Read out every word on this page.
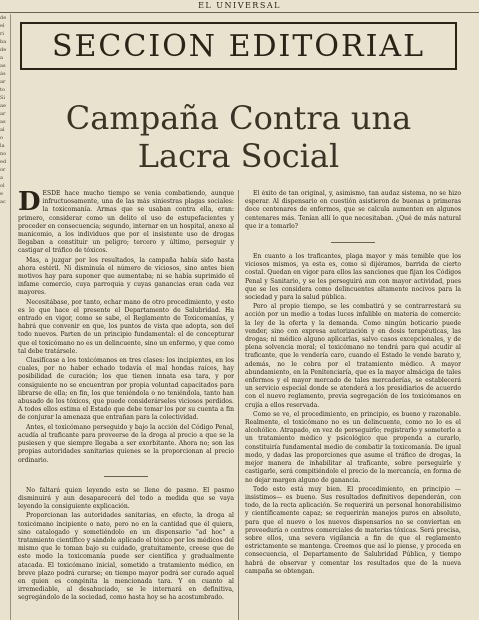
EL UNIVERSAL
de
el
ri
ba
de
a
as
ás
ar
to
Si
ae
ar
as
al
o
la
no
ed
or
a
ol
e
ac
SECCION EDITORIAL
Campaña Contra una
Lacra Social

DESDE hace mucho tiempo se venía combatiendo, aunque infructuosamente, una de las más siniestras plagas sociales: la toxicomanía. Armas que se usaban contra ella, eran: primero, considerar como un delito el uso de estupefacientes y proceder en consecuencia; segundo, internar en un hospital, anexo al manicomio, a los individuos que por el insistente uso de drogas llegaban a constituir un peligro; tercero y último, perseguir y castigar el tráfico de tóxicos.

Mas, a juzgar por los resultados, la campaña había sido hasta ahora estéril. Ni disminuía el número de viciosos, sino antes bien motivos hay para suponer que aumentaba; ni se había suprimido el infame comercio, cuya parroquia y cuyas ganancias eran cada vez mayores.

Necesitábase, por tanto, echar mano de otro procedimiento, y esto es lo que hace el presente el Departamento de Salubridad. Ha entrado en vigor, como se sabe, el Reglamento de Toxicomanías, y habrá que convenir en que, los puntos de vista que adopta, son del todo nuevos. Parten de un principio fundamental: el de concepturar que el toxicómano no es un delincuente, sino un enfermo, y que como tal debe tratársele.

Clasifícase a los toxicómanos en tres clases: los incipientes, en los cuales, por no haber echado todavía el mal hondas raíces, hay posibilidad de curación; los que tienen innata esa tara, y por consiguiente no se encuentran por propia voluntad capacitados para librarse de ella; en fin, los que teniéndola o no teniéndola, tanto han abusado de los tóxicos, que puede considerárseles viciosos perdidos. A todos ellos estima el Estado que debe tomar los por su cuenta a fin de conjurar la amenaza que entrañan para la colectividad.

Antes, el toxicómano perseguido y bajo la acción del Código Penal, acudía al traficante para proveerse de la droga al precio a que se la pusiesen y que siempre llegaba a ser exorbitante. Ahora no; son las propias autoridades sanitarias quienes se la proporcionan al precio ordinario.

No faltará quien leyendo esto se llene de pasmo. El pasmo disminuirá y aun desaparecerá del todo a medida que se vaya leyendo la consiguiente explicación.

Proporcionan las autoridades sanitarias, en efecto, la droga al toxicómano incipiente o nato, pero no en la cantidad que él quiera, sino catalogado y sometiéndolo en un dispensario "ad hoc" a tratamiento científico y sándole aplicado el tóxico por los médicos del mismo que le toman bajo su cuidado, gratuitamente, creese que de este modo la toxicomanía puede ser científica y gradualmente atacada. El toxicómano inicial, sometido a tratamiento médico, en breve plazo podrá curarse; en tiempo mayor podrá ser curado aquel en quien es congénita la mencionada tara. Y en cuanto al irremediable, al desahuciado, se le internará en definitiva, segregándolo de la sociedad, como hasta hoy se ha acostumbrado.

El éxito de tan original, y, asimismo, tan audaz sistema, no se hizo esperar. Al dispensario en cuestión asistieron de buenas a primeras doce centenares de enfermos, que se calcula aumenten en algunos centenares más. Tenían allí lo que necesitaban. ¿Qué de más natural que ir a tomarlo?

En cuanto a los traficantes, plaga mayor y más temible que los viciosos mismos, ya esta es, como si dijéramos, barrida de cierto costal. Quedan en vigor para ellos las sanciones que fijan los Códigos Penal y Sanitario, y se les perseguirá aun con mayor actividad, pues que se les considera como delincuentes altamente nocivos para la sociedad y para la salud pública.

Pero al propio tiempo, se les combatirá y se contrarrestará su acción por un medio a todas luces infalible en materia de comercio: la ley de la oferta y la demanda. Como ningún boticario puede vender, sino con expresa autorización y en dosis terapéuticas, las drogas; ni médico alguno aplicarlas, salvo casos excepcionales, y de plena solvencia moral; el toxicómano no tendrá para qué acudir al traficante, que le vendería caro, cuando el Estado le vende barato y, además, no le cobra por el tratamiento médico. A mayor abundamiento, en la Penitenciaría, que es la mayor almáciga de tales enfermos y el mayor mercado de tales mercaderías, se establecerá un servicio especial donde se atenderá a los presidiarios de acuerdo con el nuevo reglamento, previa segregación de los toxicómanos en crujía a ellos reservada.

Como se ve, el procedimiento, en principio, es bueno y razonable. Realmente, el toxicómano no es un delincuente, como no lo es el alcohólico. Atrapado, en vez de perseguirlo; registrarlo y someterlo a un tratamiento médico y psicológico que propenda a curarlo, constituiría fundamental medio de combatir la toxicomanía. De igual modo, y dadas las proporciones que asume el tráfico de drogas, la mejor manera de inhabilitar al traficante, sobre perseguirle y castigarle, será compitiéndole el precio de la mercancía, en forma de no dejar margen alguno de ganancia.

Todo esto está muy bien. El procedimiento, en principio —insistimos— es bueno. Sus resultados definitivos dependerán, con todo, de la recta aplicación. Se requerirá un personal honorabilísimo y científicamente capaz; se requerirán manejos puros en absoluto, para que el nuevo o los nuevos dispensarios no se conviertan en proveeduría o centros comerciales de materias tóxicas. Será precisa, sobre ellos, una severa vigilancia a fin de que el reglamento estrictamente se mantenga. Creemos que así lo piense, y proceda en consecuencia, el Departamento de Salubridad Pública, y tiempo habrá de observar y comentar los resultados que de la nueva campaña se obtengan.
